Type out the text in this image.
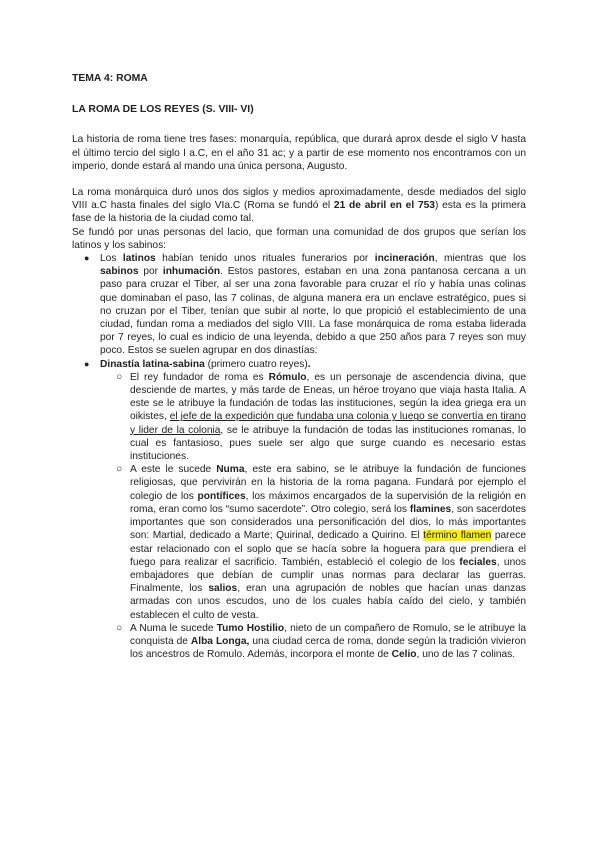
TEMA 4: ROMA
LA ROMA DE LOS REYES (S. VIII- VI)

La historia de roma tiene tres fases: monarquía, república, que durará aprox desde el siglo V hasta el último tercio del siglo I a.C, en el año 31 ac; y a partir de ese momento nos encontramos con un imperio, donde estará al mando una única persona, Augusto.

La roma monárquica duró unos dos siglos y medios aproximadamente, desde mediados del siglo VIII a.C hasta finales del siglo VIa.C (Roma se fundó el 21 de abril en el 753) esta es la primera fase de la historia de la ciudad como tal.

Se fundó por unas personas del lacio, que forman una comunidad de dos grupos que serían los latinos y los sabinos:

● Los latinos habían tenido unos rituales funerarios por incineración, mientras que los sabinos por inhumación. Estos pastores, estaban en una zona pantanosa cercana a un paso para cruzar el Tiber, al ser una zona favorable para cruzar el río y había unas colinas que dominaban el paso, las 7 colinas, de alguna manera era un enclave estratégico, pues si no cruzan por el Tiber, tenían que subir al norte, lo que propició el establecimiento de una ciudad, fundan roma a mediados del siglo VIII. La fase monárquica de roma estaba liderada por 7 reyes, lo cual es indicio de una leyenda, debido a que 250 años para 7 reyes son muy poco. Estos se suelen agrupar en dos dinastías:
● Dinastía latina-sabina (primero cuatro reyes).
○ El rey fundador de roma es Rómulo, es un personaje de ascendencia divina, que desciende de martes, y más tarde de Eneas, un héroe troyano que viaja hasta Italia. A este se le atribuye la fundación de todas las instituciones, según la idea griega era un oikistes, el jefe de la expedición que fundaba una colonia y luego se convertía en tirano y lider de la colonia, se le atribuye la fundación de todas las instituciones romanas, lo cual es fantasioso, pues suele ser algo que surge cuando es necesario estas instituciones.
○ A este le sucede Numa, este era sabino, se le atribuye la fundación de funciones religiosas, que pervivirán en la historia de la roma pagana. Fundará por ejemplo el colegio de los pontífices, los máximos encargados de la supervisión de la religión en roma, eran como los “sumo sacerdote”. Otro colegio, será los flamines, son sacerdotes importantes que son considerados una personificación del dios, lo más importantes son: Martial, dedicado a Marte; Quirinal, dedicado a Quirino. El término flamen parece estar relacionado con el soplo que se hacía sobre la hoguera para que prendiera el fuego para realizar el sacrificio. También, estableció el colegio de los feciales, unos embajadores que debían de cumplir unas normas para declarar las guerras. Finalmente, los salios, eran una agrupación de nobles que hacían unas danzas armadas con unos escudos, uno de los cuales había caído del cielo, y también establecen el culto de vesta.
○ A Numa le sucede Tumo Hostilio, nieto de un compañero de Romulo, se le atribuye la conquista de Alba Longa, una ciudad cerca de roma, donde según la tradición vivieron los ancestros de Romulo. Además, incorpora el monte de Celio, uno de las 7 colinas.
